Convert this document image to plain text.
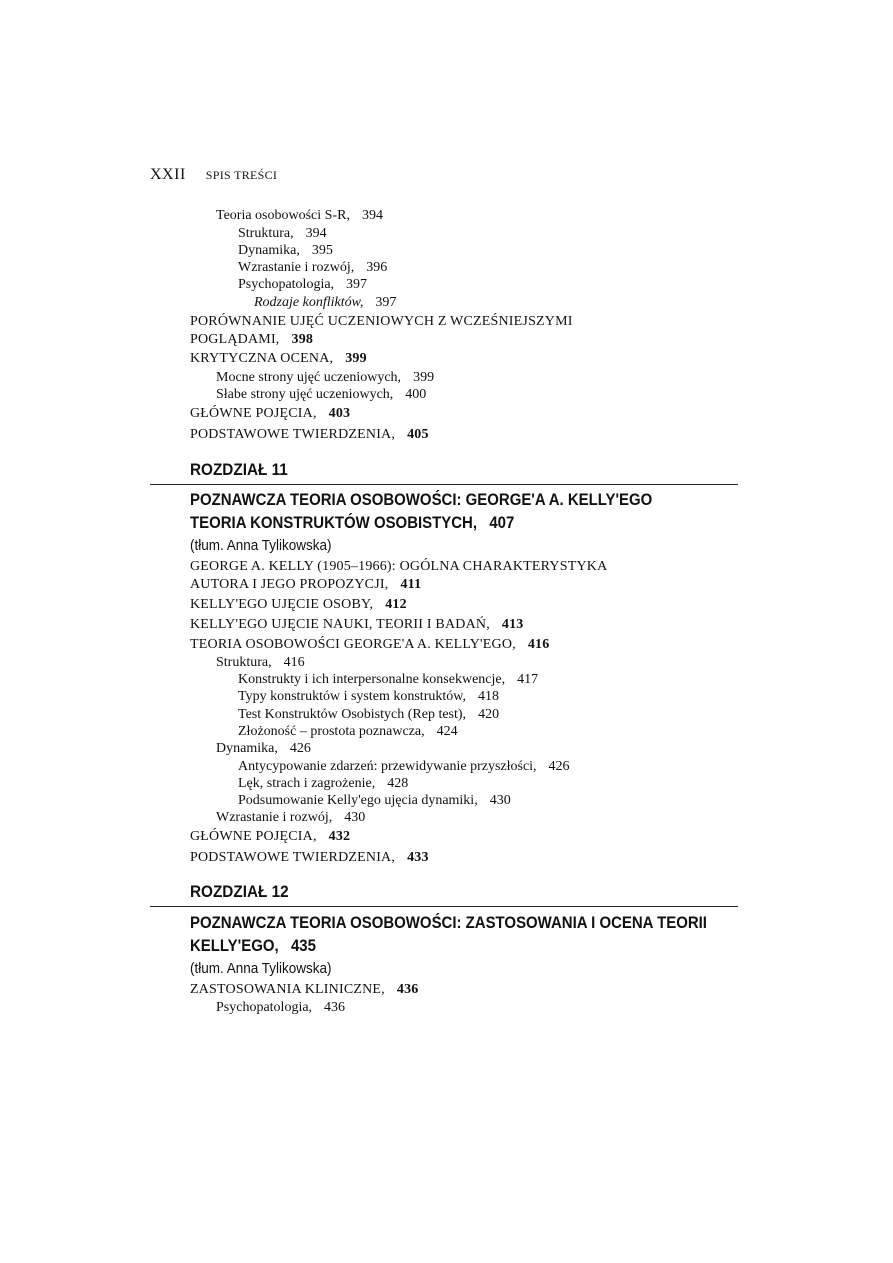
XXII SPIS TREŚCI
Teoria osobowości S-R, 394
Struktura, 394
Dynamika, 395
Wzrastanie i rozwój, 396
Psychopatologia, 397
Rodzaje konfliktów, 397
PORÓWNANIE UJĘĆ UCZENIOWYCH Z WCZEŚNIEJSZYMI
POGLĄDAMI, 398
KRYTYCZNA OCENA, 399
Mocne strony ujęć uczeniowych, 399
Słabe strony ujęć uczeniowych, 400
GŁÓWNE POJĘCIA, 403
PODSTAWOWE TWIERDZENIA, 405
ROZDZIAŁ 11
POZNAWCZA TEORIA OSOBOWOŚCI: GEORGE'A A. KELLY'EGO
TEORIA KONSTRUKTÓW OSOBISTYCH, 407
(tłum. Anna Tylikowska)
GEORGE A. KELLY (1905–1966): OGÓLNA CHARAKTERYSTYKA
AUTORA I JEGO PROPOZYCJI, 411
KELLY'EGO UJĘCIE OSOBY, 412
KELLY'EGO UJĘCIE NAUKI, TEORII I BADAŃ, 413
TEORIA OSOBOWOŚCI GEORGE'A A. KELLY'EGO, 416
Struktura, 416
Konstrukty i ich interpersonalne konsekwencje, 417
Typy konstruktów i system konstruktów, 418
Test Konstruktów Osobistych (Rep test), 420
Złożoność – prostota poznawcza, 424
Dynamika, 426
Antycypowanie zdarzeń: przewidywanie przyszłości, 426
Lęk, strach i zagrożenie, 428
Podsumowanie Kelly'ego ujęcia dynamiki, 430
Wzrastanie i rozwój, 430
GŁÓWNE POJĘCIA, 432
PODSTAWOWE TWIERDZENIA, 433
ROZDZIAŁ 12
POZNAWCZA TEORIA OSOBOWOŚCI: ZASTOSOWANIA I OCENA TEORII
KELLY'EGO, 435
(tłum. Anna Tylikowska)
ZASTOSOWANIA KLINICZNE, 436
Psychopatologia, 436
